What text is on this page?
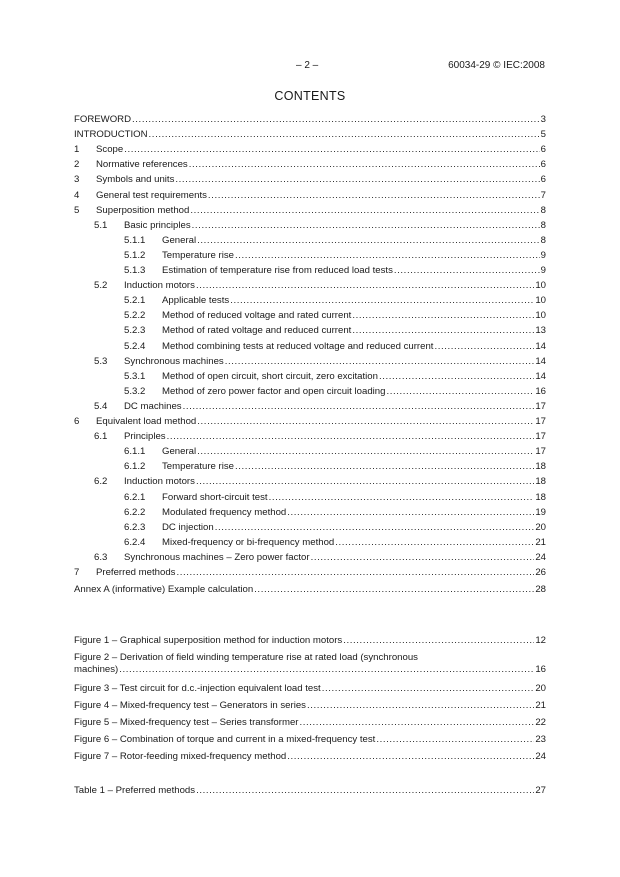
– 2 –	60034-29 © IEC:2008
CONTENTS
FOREWORD .....	3
INTRODUCTION .....	5
1	Scope .....	6
2	Normative references .....	6
3	Symbols and units .....	6
4	General test requirements .....	7
5	Superposition method .....	8
5.1	Basic principles .....	8
5.1.1	General .....	8
5.1.2	Temperature rise .....	9
5.1.3	Estimation of temperature rise from reduced load tests .....	9
5.2	Induction motors .....	10
5.2.1	Applicable tests .....	10
5.2.2	Method of reduced voltage and rated current .....	10
5.2.3	Method of rated voltage and reduced current .....	13
5.2.4	Method combining tests at reduced voltage and reduced current .....	14
5.3	Synchronous machines .....	14
5.3.1	Method of open circuit, short circuit, zero excitation .....	14
5.3.2	Method of zero power factor and open circuit loading .....	16
5.4	DC machines .....	17
6	Equivalent load method .....	17
6.1	Principles .....	17
6.1.1	General .....	17
6.1.2	Temperature rise .....	18
6.2	Induction motors .....	18
6.2.1	Forward short-circuit test .....	18
6.2.2	Modulated frequency method .....	19
6.2.3	DC injection .....	20
6.2.4	Mixed-frequency or bi-frequency method .....	21
6.3	Synchronous machines – Zero power factor .....	24
7	Preferred methods .....	26
Annex A (informative) Example calculation .....	28
Figure 1 – Graphical superposition method for induction motors .....	12
Figure 2 – Derivation of field winding temperature rise at rated load (synchronous
machines) .....	16
Figure 3 – Test circuit for d.c.-injection equivalent load test .....	20
Figure 4 – Mixed-frequency test – Generators in series .....	21
Figure 5 – Mixed-frequency test – Series transformer .....	22
Figure 6 – Combination of torque and current in a mixed-frequency test .....	23
Figure 7 – Rotor-feeding mixed-frequency method .....	24
Table 1 – Preferred methods .....	27
